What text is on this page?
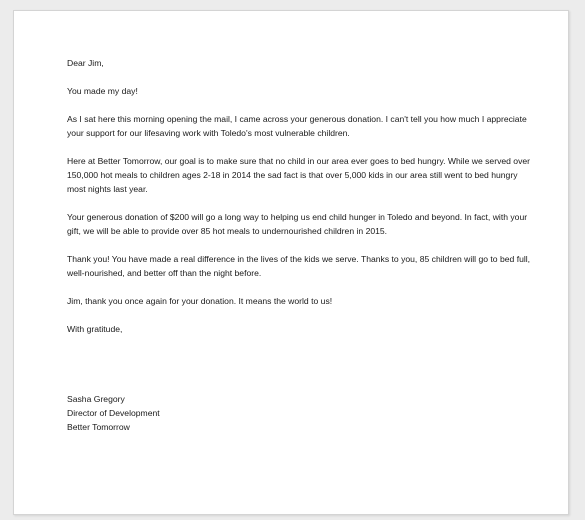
Dear Jim,

You made my day!

As I sat here this morning opening the mail, I came across your generous donation. I can't tell you how much I appreciate your support for our lifesaving work with Toledo's most vulnerable children.

Here at Better Tomorrow, our goal is to make sure that no child in our area ever goes to bed hungry. While we served over 150,000 hot meals to children ages 2-18 in 2014 the sad fact is that over 5,000 kids in our area still went to bed hungry most nights last year.

Your generous donation of $200 will go a long way to helping us end child hunger in Toledo and beyond. In fact, with your gift, we will be able to provide over 85 hot meals to undernourished children in 2015.

Thank you! You have made a real difference in the lives of the kids we serve. Thanks to you, 85 children will go to bed full, well-nourished, and better off than the night before.

Jim, thank you once again for your donation. It means the world to us!

With gratitude,

Sasha Gregory

Director of Development

Better Tomorrow
